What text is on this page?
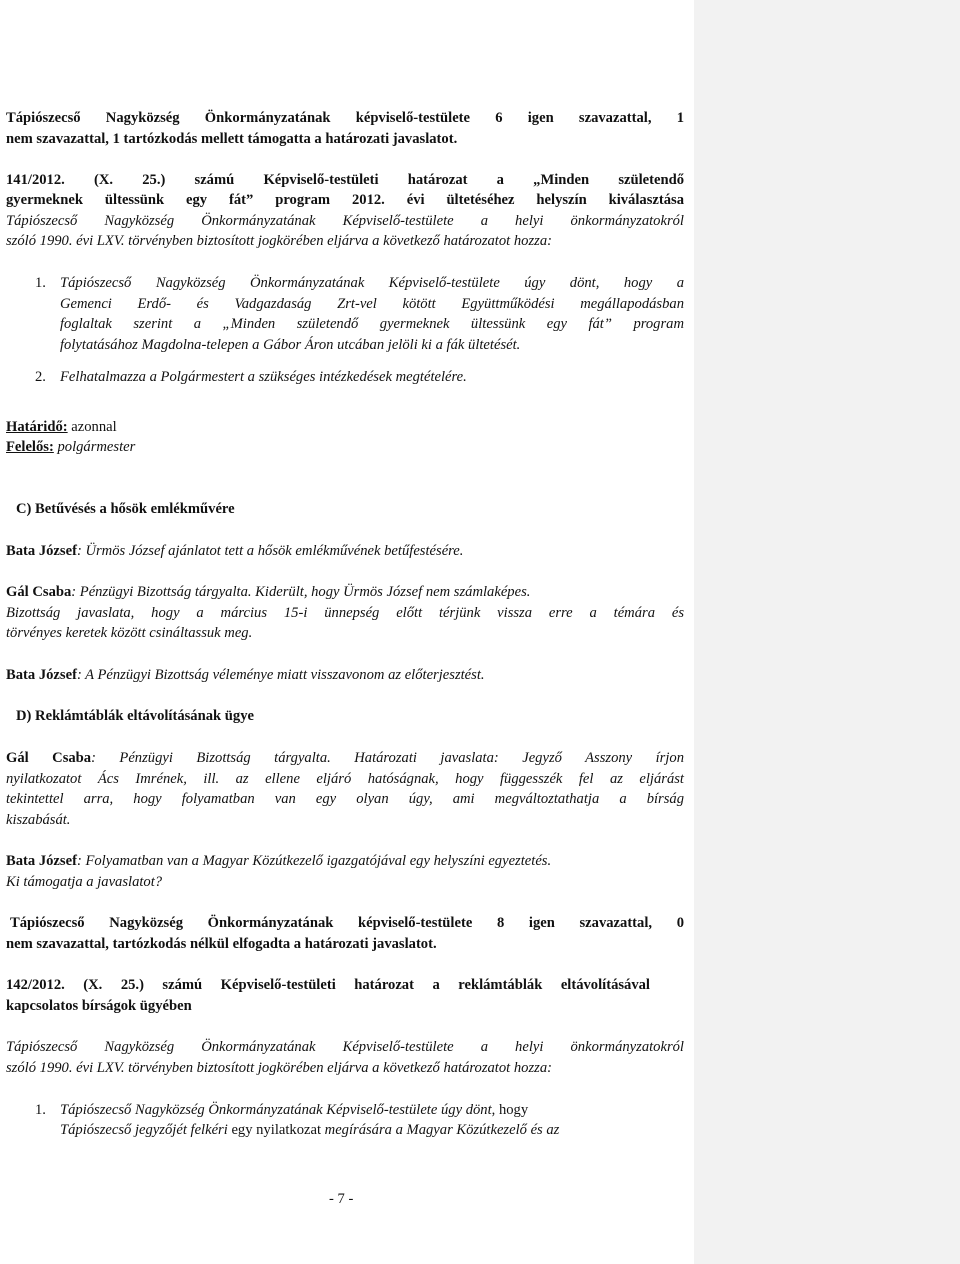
Tápiószecső Nagyközség Önkormányzatának képviselő-testülete 6 igen szavazattal, 1

nem szavazattal, 1 tartózkodás mellett támogatta a határozati javaslatot.

141/2012. (X. 25.) számú Képviselő-testületi határozat a „Minden születendő

gyermeknek ültessünk egy fát” program 2012. évi ültetéséhez helyszín kiválasztása

Tápiószecső Nagyközség Önkormányzatának Képviselő-testülete a helyi önkormányzatokról

szóló 1990. évi LXV. törvényben biztosított jogkörében eljárva a következő határozatot hozza:

1. Tápiószecső Nagyközség Önkormányzatának Képviselő-testülete úgy dönt, hogy a

Gemenci Erdő- és Vadgazdaság Zrt-vel kötött Együttműködési megállapodásban

foglaltak szerint a „Minden születendő gyermeknek ültessünk egy fát” program

folytatásához Magdolna-telepen a Gábor Áron utcában jelöli ki a fák ültetését.

2. Felhatalmazza a Polgármestert a szükséges intézkedések megtételére.

Határidő: azonnal

Felelős: polgármester

C) Betűvésés a hősök emlékművére

Bata József: Ürmös József ajánlatot tett a hősök emlékművének betűfestésére.

Gál Csaba: Pénzügyi Bizottság tárgyalta. Kiderült, hogy Ürmös József nem számlaképes.

Bizottság javaslata, hogy a március 15-i ünnepség előtt térjünk vissza erre a témára és

törvényes keretek között csináltassuk meg.

Bata József: A Pénzügyi Bizottság véleménye miatt visszavonom az előterjesztést.

D) Reklámtáblák eltávolításának ügye

Gál Csaba: Pénzügyi Bizottság tárgyalta. Határozati javaslata: Jegyző Asszony írjon

nyilatkozatot Ács Imrének, ill. az ellene eljáró hatóságnak, hogy függesszék fel az eljárást

tekintettel arra, hogy folyamatban van egy olyan úgy, ami megváltoztathatja a bírság

kiszabását.

Bata József: Folyamatban van a Magyar Közútkezelő igazgatójával egy helyszíni egyeztetés.

Ki támogatja a javaslatot?

Tápiószecső Nagyközség Önkormányzatának képviselő-testülete 8 igen szavazattal, 0

nem szavazattal, tartózkodás nélkül elfogadta a határozati javaslatot.

142/2012. (X. 25.) számú Képviselő-testületi határozat a reklámtáblák eltávolításával

kapcsolatos bírságok ügyében

Tápiószecső Nagyközség Önkormányzatának Képviselő-testülete a helyi önkormányzatokról

szóló 1990. évi LXV. törvényben biztosított jogkörében eljárva a következő határozatot hozza:

1. Tápiószecső Nagyközség Önkormányzatának Képviselő-testülete úgy dönt, hogy

Tápiószecső jegyzőjét felkéri egy nyilatkozat megírására a Magyar Közútkezelő és az

- 7 -
